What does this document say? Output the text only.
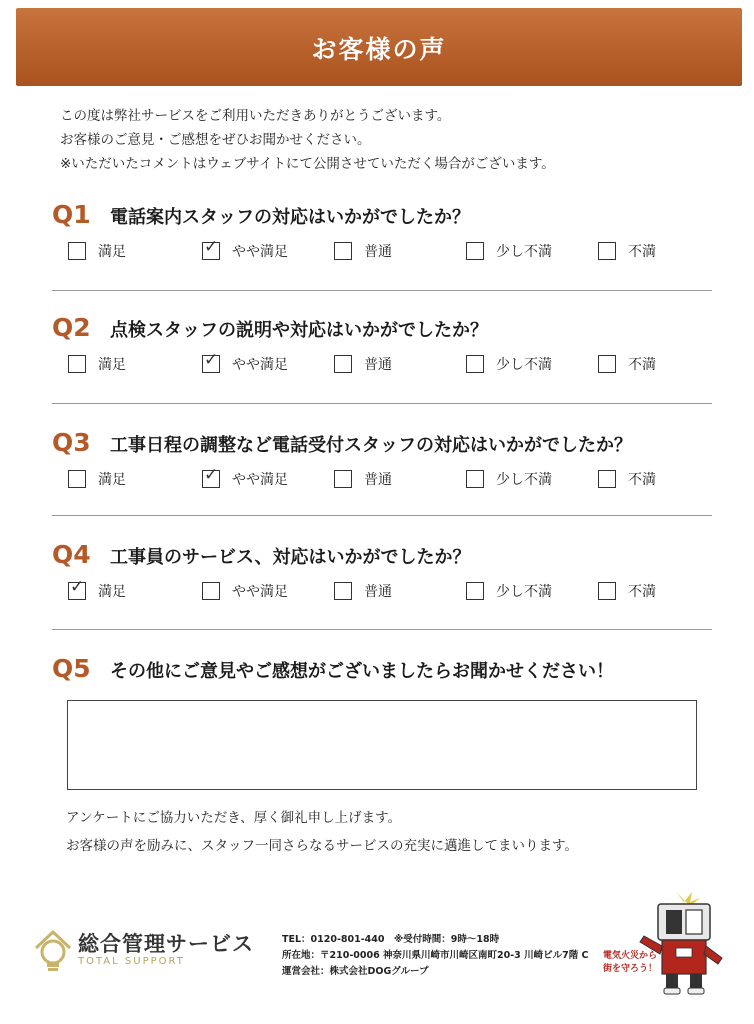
お客様の声
この度は弊社サービスをご利用いただきありがとうございます。
お客様のご意見・ご感想をぜひお聞かせください。
※いただいたコメントはウェブサイトにて公開させていただく場合がございます。
Q1	電話案内スタッフの対応はいかがでしたか？
満足	✓ やや満足	普通	少し不満	不満
Q2	点検スタッフの説明や対応はいかがでしたか？
満足	✓ やや満足	普通	少し不満	不満
Q3	工事日程の調整など電話受付スタッフの対応はいかがでしたか？
満足	✓ やや満足	普通	少し不満	不満
Q4	工事員のサービス、対応はいかがでしたか？
✓ 満足	やや満足	普通	少し不満	不満
Q5	その他にご意見やご感想がございましたらお聞かせください！
アンケートにご協力いただき、厚く御礼申し上げます。
お客様の声を励みに、スタッフ一同さらなるサービスの充実に邁進してまいります。
総合管理サービス
TOTAL SUPPORT
TEL：0120-801-440　※受付時間：9時～18時
所在地：〒210-0006 神奈川県川崎市川崎区南町20-3 川崎ビル7階 C
運営会社：株式会社DOGグループ
電気火災から
街を守ろう！
